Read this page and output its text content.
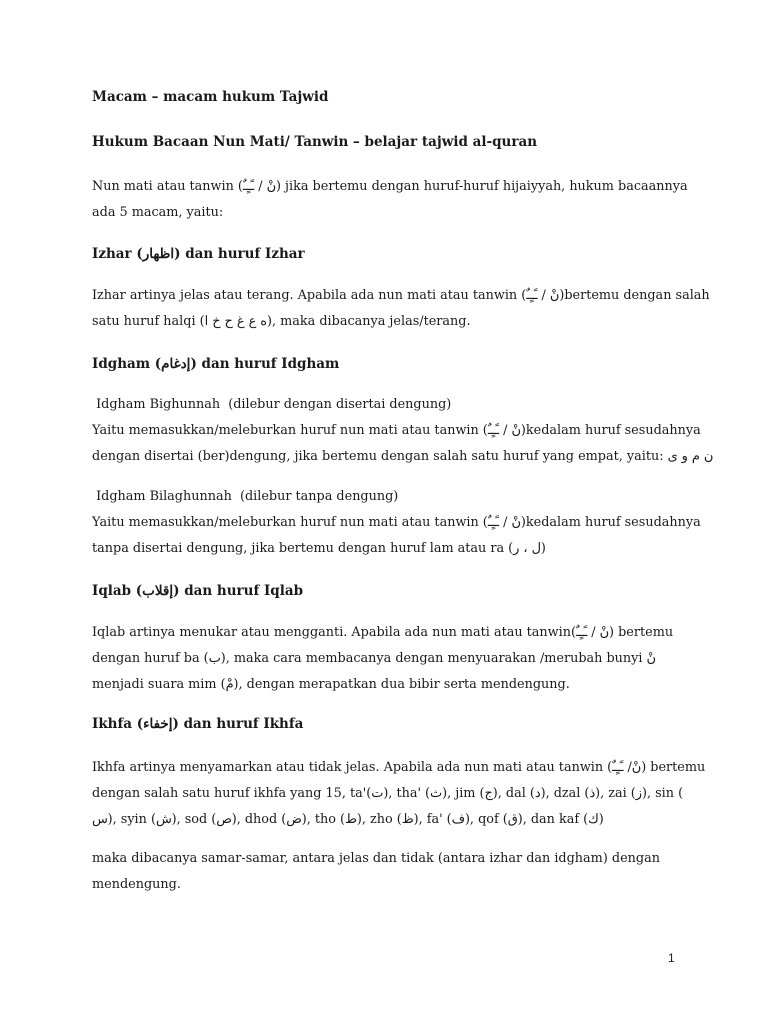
Macam – macam hukum Tajwid
Hukum Bacaan Nun Mati/ Tanwin – belajar tajwid al-quran
Nun mati atau tanwin (نْ / ـًـٍـٌ) jika bertemu dengan huruf-huruf hijaiyyah, hukum bacaannya
ada 5 macam, yaitu:
Izhar (اظهار) dan huruf Izhar
Izhar artinya jelas atau terang. Apabila ada nun mati atau tanwin (نْ / ـًـٍـٌ)bertemu dengan salah
satu huruf halqi (ه ع غ ح خ ا), maka dibacanya jelas/terang.
Idgham (إدغام) dan huruf Idgham
Idgham Bighunnah  (dilebur dengan disertai dengung)
Yaitu memasukkan/meleburkan huruf nun mati atau tanwin (نْ / ـًـٍـٌ)kedalam huruf sesudahnya
dengan disertai (ber)dengung, jika bertemu dengan salah satu huruf yang empat, yaitu: ن م و ى
Idgham Bilaghunnah  (dilebur tanpa dengung)
Yaitu memasukkan/meleburkan huruf nun mati atau tanwin (نْ / ـًـٍـٌ)kedalam huruf sesudahnya
tanpa disertai dengung, jika bertemu dengan huruf lam atau ra (ل ، ر)
Iqlab (إقلاب) dan huruf Iqlab
Iqlab artinya menukar atau mengganti. Apabila ada nun mati atau tanwin(نْ / ـًـٍـٌ) bertemu
dengan huruf ba (ب), maka cara membacanya dengan menyuarakan /merubah bunyi نْ
menjadi suara mim (مْ), dengan merapatkan dua bibir serta mendengung.
Ikhfa (إخفاء) dan huruf Ikhfa
Ikhfa artinya menyamarkan atau tidak jelas. Apabila ada nun mati atau tanwin (نْ/ ـًـٍـٌ) bertemu
dengan salah satu huruf ikhfa yang 15, ta'(ت), tha' (ث), jim (ج), dal (د), dzal (ذ), zai (ز), sin (
س), syin (ش), sod (ص), dhod (ض), tho (ط), zho (ظ), fa' (ف), qof (ق), dan kaf (ك)
maka dibacanya samar-samar, antara jelas dan tidak (antara izhar dan idgham) dengan
mendengung.
1
